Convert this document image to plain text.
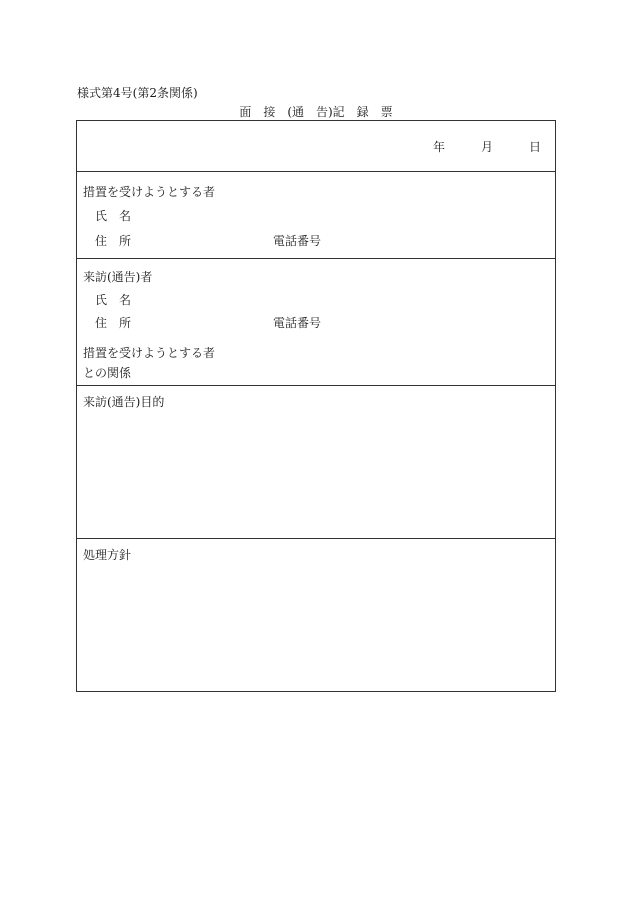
様式第4号(第2条関係)
面　接　(通　告)記　録　票
年	月	日
措置を受けようとする者
氏　名
住　所	電話番号
来訪(通告)者
氏　名
住　所	電話番号
措置を受けようとする者
との関係
来訪(通告)目的
処理方針
